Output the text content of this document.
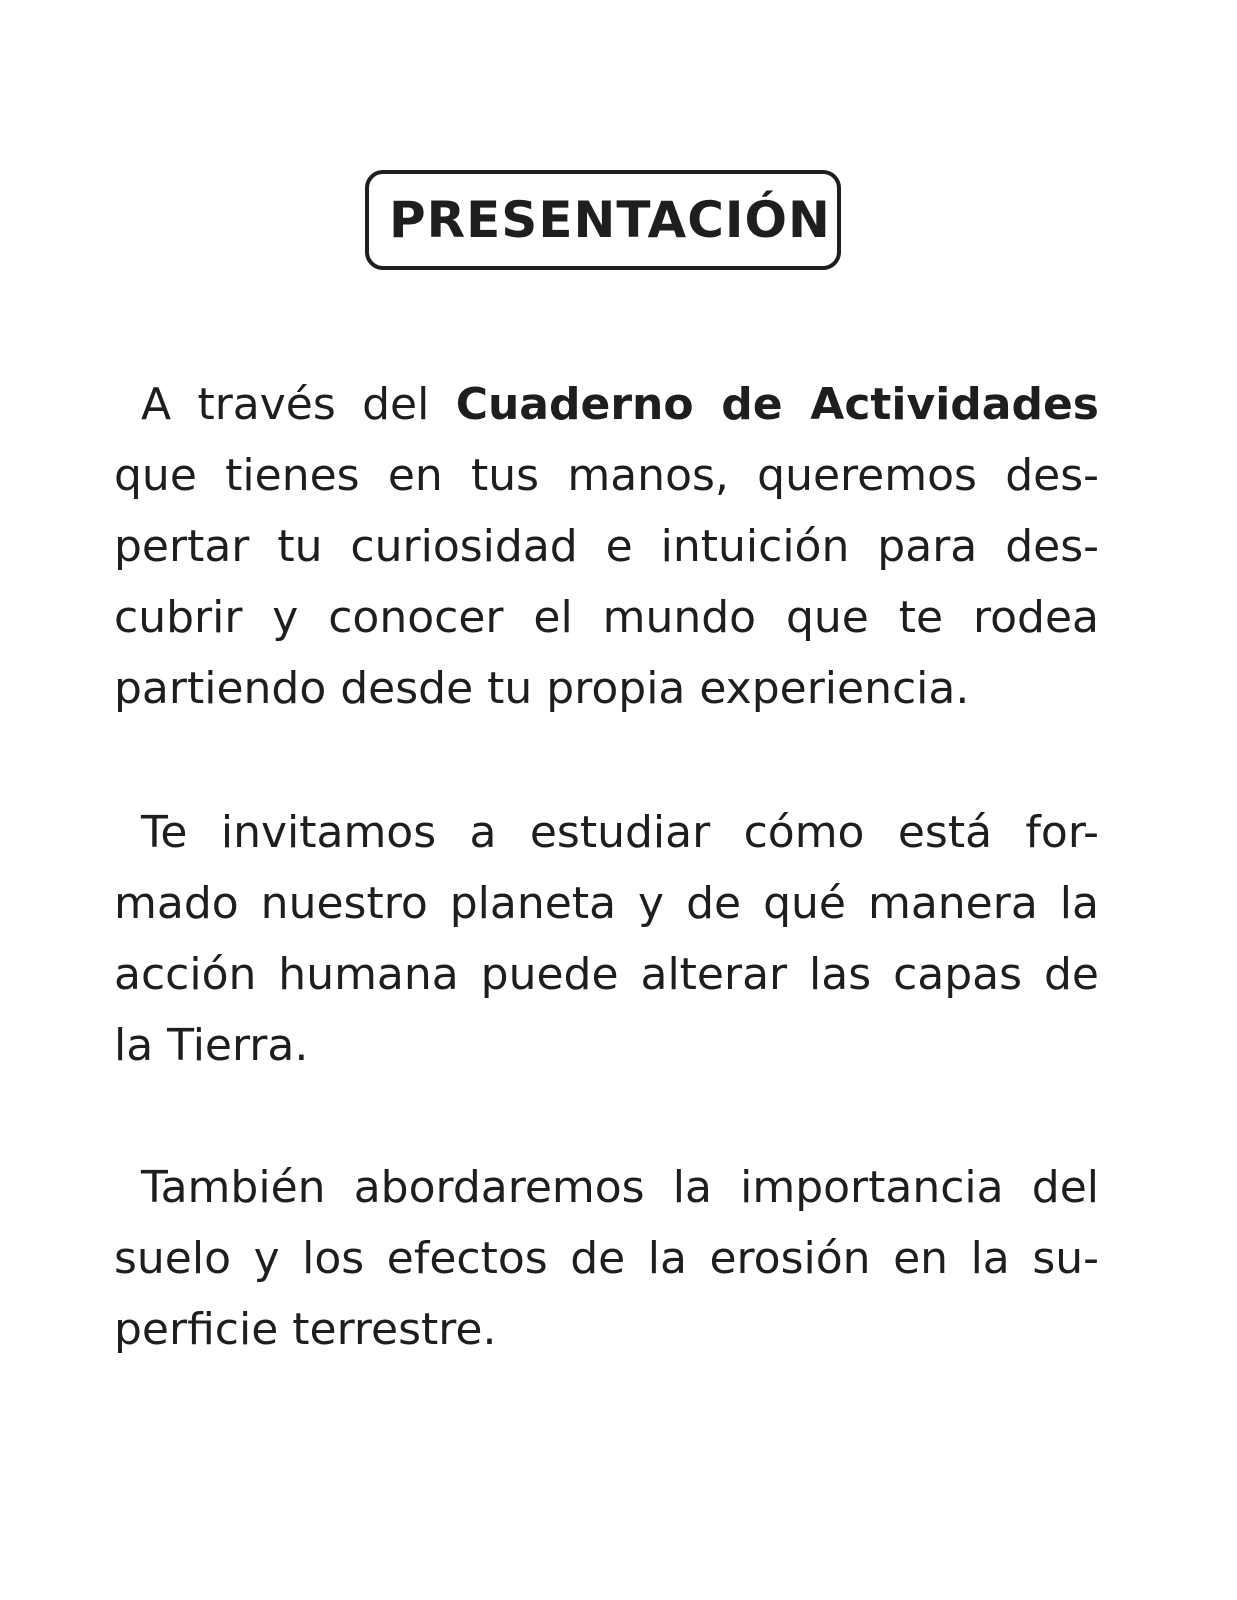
PRESENTACIÓN
A través del Cuaderno de Actividades
que tienes en tus manos, queremos des-
pertar tu curiosidad e intuición para des-
cubrir y conocer el mundo que te rodea
partiendo desde tu propia experiencia.
Te invitamos a estudiar cómo está for-
mado nuestro planeta y de qué manera la
acción humana puede alterar las capas de
la Tierra.
También abordaremos la importancia del
suelo y los efectos de la erosión en la su-
perficie terrestre.
